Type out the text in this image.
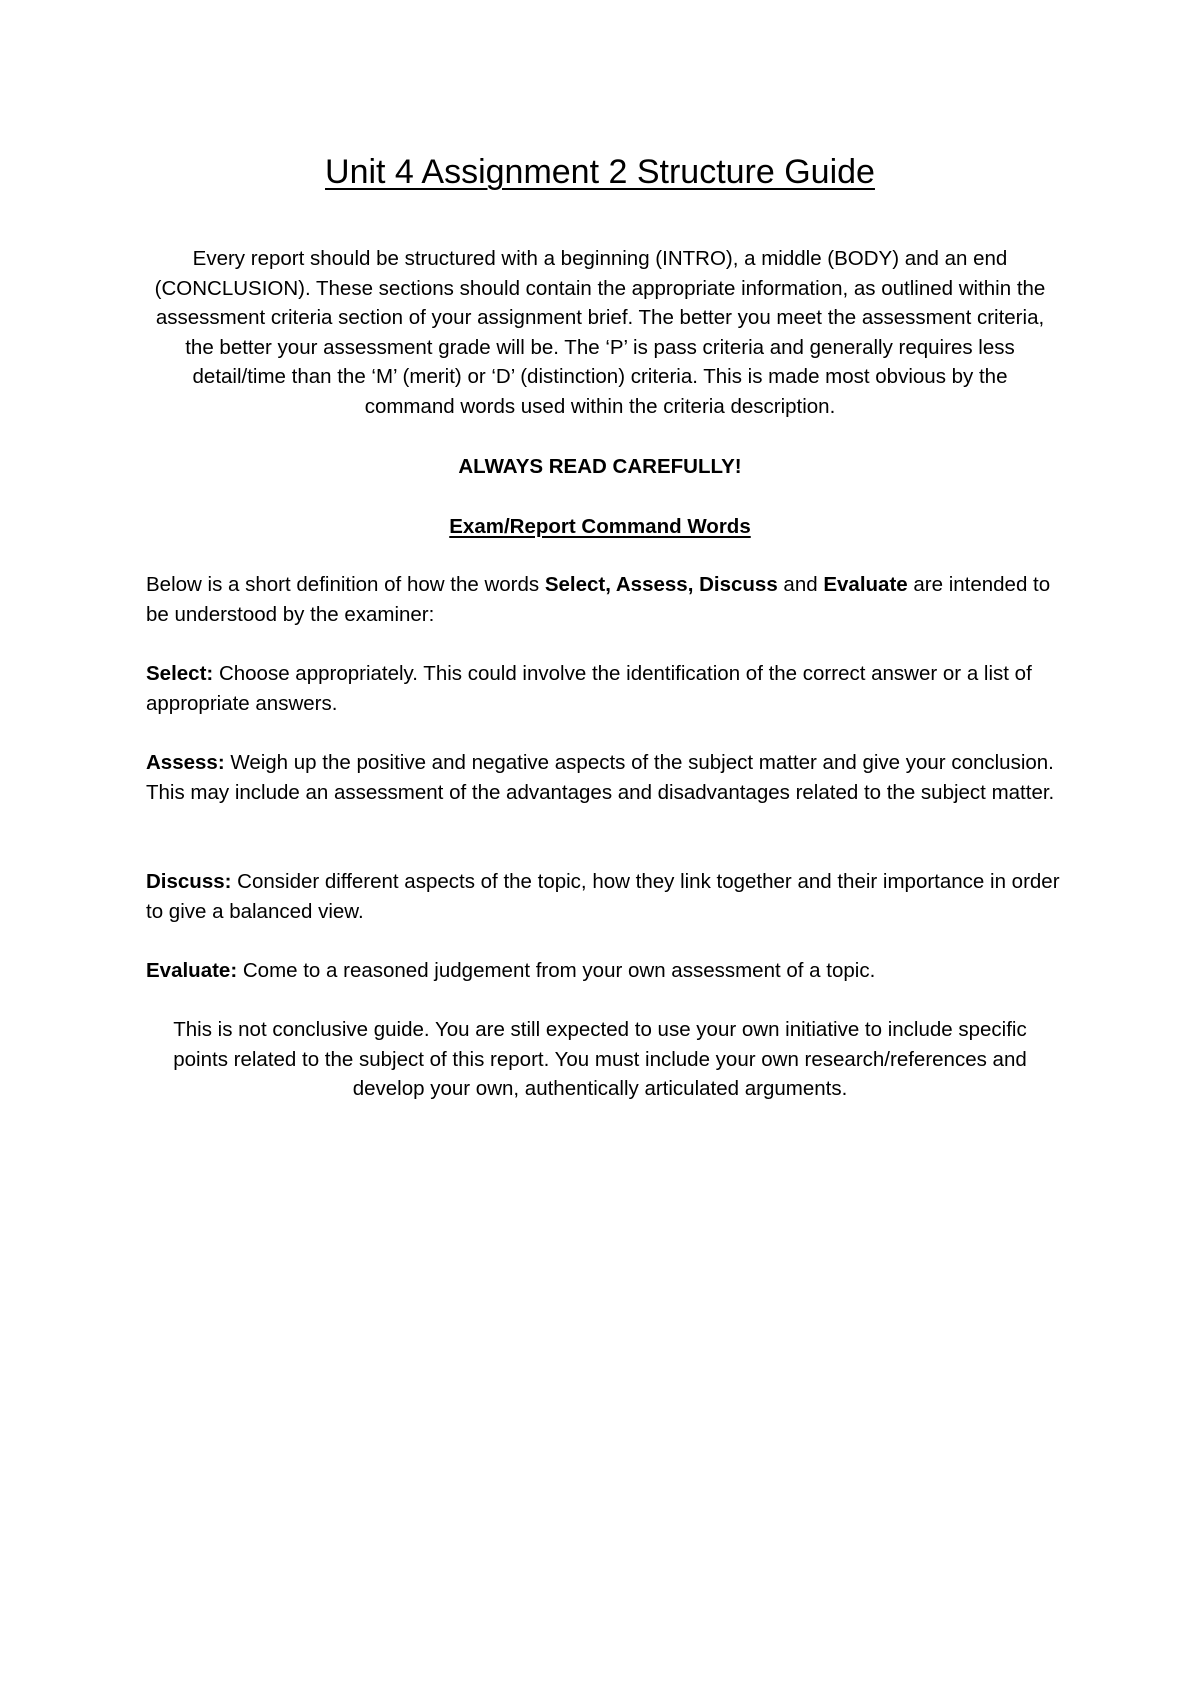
Unit 4 Assignment 2 Structure Guide
Every report should be structured with a beginning (INTRO), a middle (BODY) and an end (CONCLUSION). These sections should contain the appropriate information, as outlined within the assessment criteria section of your assignment brief. The better you meet the assessment criteria, the better your assessment grade will be. The ‘P’ is pass criteria and generally requires less detail/time than the ‘M’ (merit) or ‘D’ (distinction) criteria. This is made most obvious by the command words used within the criteria description.
ALWAYS READ CAREFULLY!
Exam/Report Command Words
Below is a short definition of how the words Select, Assess, Discuss and Evaluate are intended to be understood by the examiner:
Select: Choose appropriately. This could involve the identification of the correct answer or a list of appropriate answers.
Assess: Weigh up the positive and negative aspects of the subject matter and give your conclusion. This may include an assessment of the advantages and disadvantages related to the subject matter.
Discuss: Consider different aspects of the topic, how they link together and their importance in order to give a balanced view.
Evaluate: Come to a reasoned judgement from your own assessment of a topic.
This is not conclusive guide. You are still expected to use your own initiative to include specific points related to the subject of this report. You must include your own research/references and develop your own, authentically articulated arguments.
